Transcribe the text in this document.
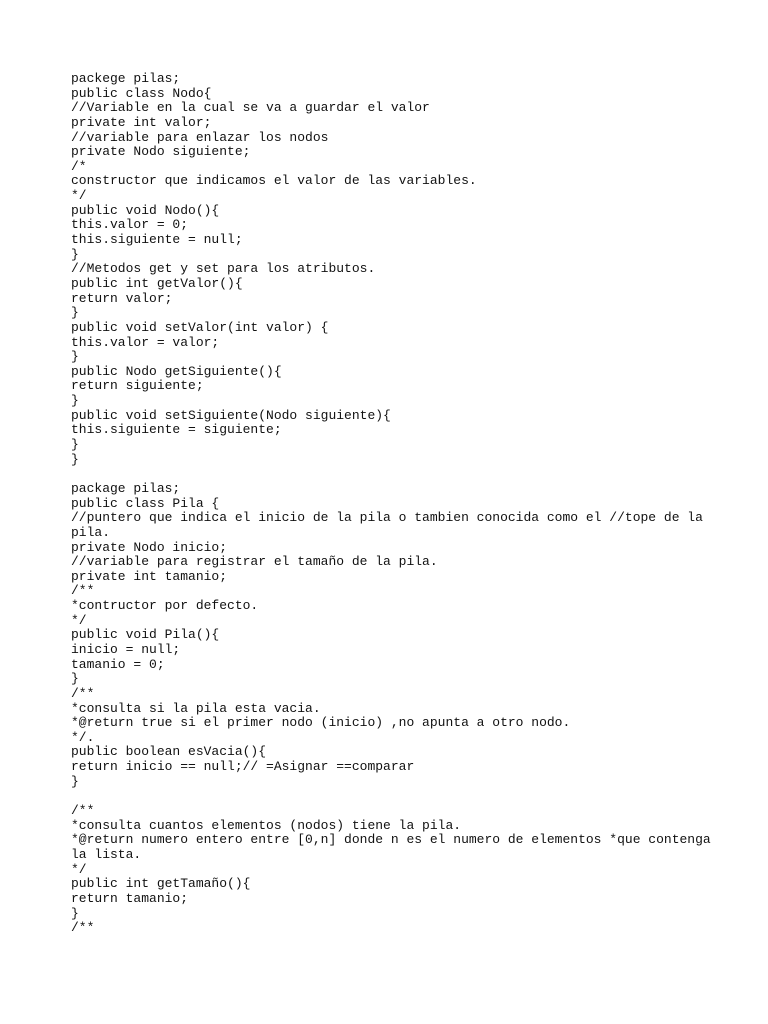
packege pilas;
public class Nodo{
//Variable en la cual se va a guardar el valor
private int valor;
//variable para enlazar los nodos
private Nodo siguiente;
/*
constructor que indicamos el valor de las variables.
*/
public void Nodo(){
this.valor = 0;
this.siguiente = null;
}
//Metodos get y set para los atributos.
public int getValor(){
return valor;
}
public void setValor(int valor) {
this.valor = valor;
}
public Nodo getSiguiente(){
return siguiente;
}
public void setSiguiente(Nodo siguiente){
this.siguiente = siguiente;
}
}
package pilas;
public class Pila {
//puntero que indica el inicio de la pila o tambien conocida como el //tope de la
pila.
private Nodo inicio;
//variable para registrar el tamaño de la pila.
private int tamanio;
/**
*contructor por defecto.
*/
public void Pila(){
inicio = null;
tamanio = 0;
}
/**
*consulta si la pila esta vacia.
*@return true si el primer nodo (inicio) ,no apunta a otro nodo.
*/.
public boolean esVacia(){
return inicio == null;// =Asignar ==comparar
}
/**
*consulta cuantos elementos (nodos) tiene la pila.
*@return numero entero entre [0,n] donde n es el numero de elementos *que contenga
la lista.
*/
public int getTamaño(){
return tamanio;
}
/**
